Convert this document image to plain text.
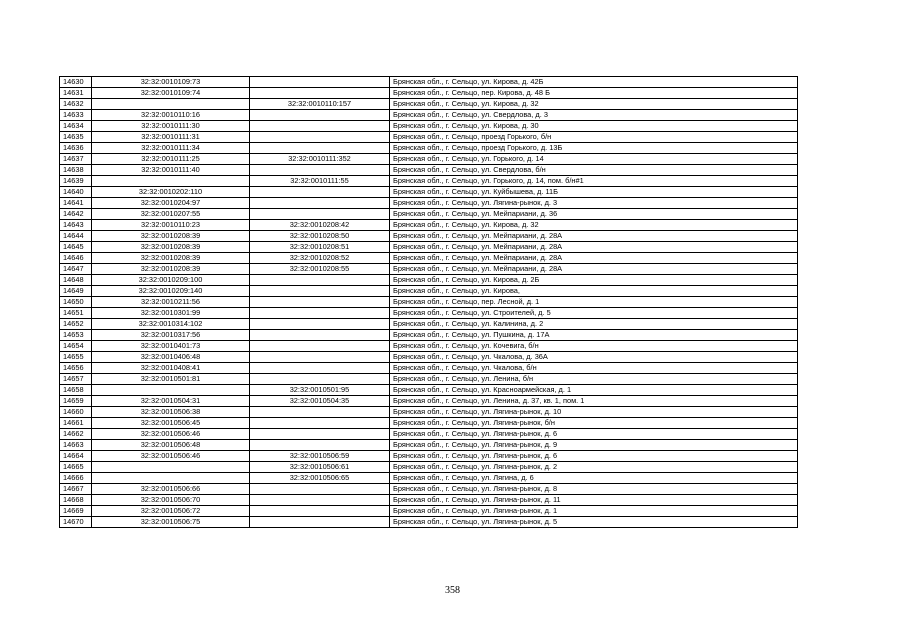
14630	32:32:0010109:73		Брянская обл., г. Сельцо, ул. Кирова, д. 42Б
14631	32:32:0010109:74		Брянская обл., г. Сельцо, пер. Кирова, д. 48 Б
14632		32:32:0010110:157	Брянская обл., г. Сельцо, ул. Кирова, д. 32
14633	32:32:0010110:16		Брянская обл., г. Сельцо, ул. Свердлова, д. 3
14634	32:32:0010111:30		Брянская обл., г. Сельцо, ул. Кирова, д. 30
14635	32:32:0010111:31		Брянская обл., г. Сельцо, проезд Горького, б/н
14636	32:32:0010111:34		Брянская обл., г. Сельцо, проезд Горького, д. 13Б
14637	32:32:0010111:25	32:32:0010111:352	Брянская обл., г. Сельцо, ул. Горького, д. 14
14638	32:32:0010111:40		Брянская обл., г. Сельцо, ул. Свердлова, б/н
14639		32:32:0010111:55	Брянская обл., г. Сельцо, ул. Горького, д. 14, пом. б/н#1
14640	32:32:0010202:110		Брянская обл., г. Сельцо, ул. Куйбышева, д. 11Б
14641	32:32:0010204:97		Брянская обл., г. Сельцо, ул. Лягина-рынок, д. 3
14642	32:32:0010207:55		Брянская обл., г. Сельцо, ул. Мейпариани, д. 36
14643	32:32:0010110:23	32:32:0010208:42	Брянская обл., г. Сельцо, ул. Кирова, д. 32
14644	32:32:0010208:39	32:32:0010208:50	Брянская обл., г. Сельцо, ул. Мейпариани, д. 28А
14645	32:32:0010208:39	32:32:0010208:51	Брянская обл., г. Сельцо, ул. Мейпариани, д. 28А
14646	32:32:0010208:39	32:32:0010208:52	Брянская обл., г. Сельцо, ул. Мейпариани, д. 28А
14647	32:32:0010208:39	32:32:0010208:55	Брянская обл., г. Сельцо, ул. Мейпариани, д. 28А
14648	32:32:0010209:100		Брянская обл., г. Сельцо, ул. Кирова, д. 2Б
14649	32:32:0010209:140		Брянская обл., г. Сельцо, ул. Кирова,
14650	32:32:0010211:56		Брянская обл., г. Сельцо, пер. Лесной, д. 1
14651	32:32:0010301:99		Брянская обл., г. Сельцо, ул. Строителей, д. 5
14652	32:32:0010314:102		Брянская обл., г. Сельцо, ул. Калинина, д. 2
14653	32:32:0010317:56		Брянская обл., г. Сельцо, ул. Пушкина, д. 17А
14654	32:32:0010401:73		Брянская обл., г. Сельцо, ул. Кочевига, б/н
14655	32:32:0010406:48		Брянская обл., г. Сельцо, ул. Чкалова, д. 36А
14656	32:32:0010408:41		Брянская обл., г. Сельцо, ул. Чкалова, б/н
14657	32:32:0010501:81		Брянская обл., г. Сельцо, ул. Ленина, б/н
14658		32:32:0010501:95	Брянская обл., г. Сельцо, ул. Красноармейская, д. 1
14659	32:32:0010504:31	32:32:0010504:35	Брянская обл., г. Сельцо, ул. Ленина, д. 37, кв. 1, пом. 1
14660	32:32:0010506:38		Брянская обл., г. Сельцо, ул. Лягина-рынок, д. 10
14661	32:32:0010506:45		Брянская обл., г. Сельцо, ул. Лягина-рынок, б/н
14662	32:32:0010506:46		Брянская обл., г. Сельцо, ул. Лягина-рынок, д. 6
14663	32:32:0010506:48		Брянская обл., г. Сельцо, ул. Лягина-рынок, д. 9
14664	32:32:0010506:46	32:32:0010506:59	Брянская обл., г. Сельцо, ул. Лягина-рынок, д. 6
14665		32:32:0010506:61	Брянская обл., г. Сельцо, ул. Лягина-рынок, д. 2
14666		32:32:0010506:65	Брянская обл., г. Сельцо, ул. Лягина, д. 6
14667	32:32:0010506:66		Брянская обл., г. Сельцо, ул. Лягина-рынок, д. 8
14668	32:32:0010506:70		Брянская обл., г. Сельцо, ул. Лягина-рынок, д. 11
14669	32:32:0010506:72		Брянская обл., г. Сельцо, ул. Лягина-рынок, д. 1
14670	32:32:0010506:75		Брянская обл., г. Сельцо, ул. Лягина-рынок, д. 5
358
